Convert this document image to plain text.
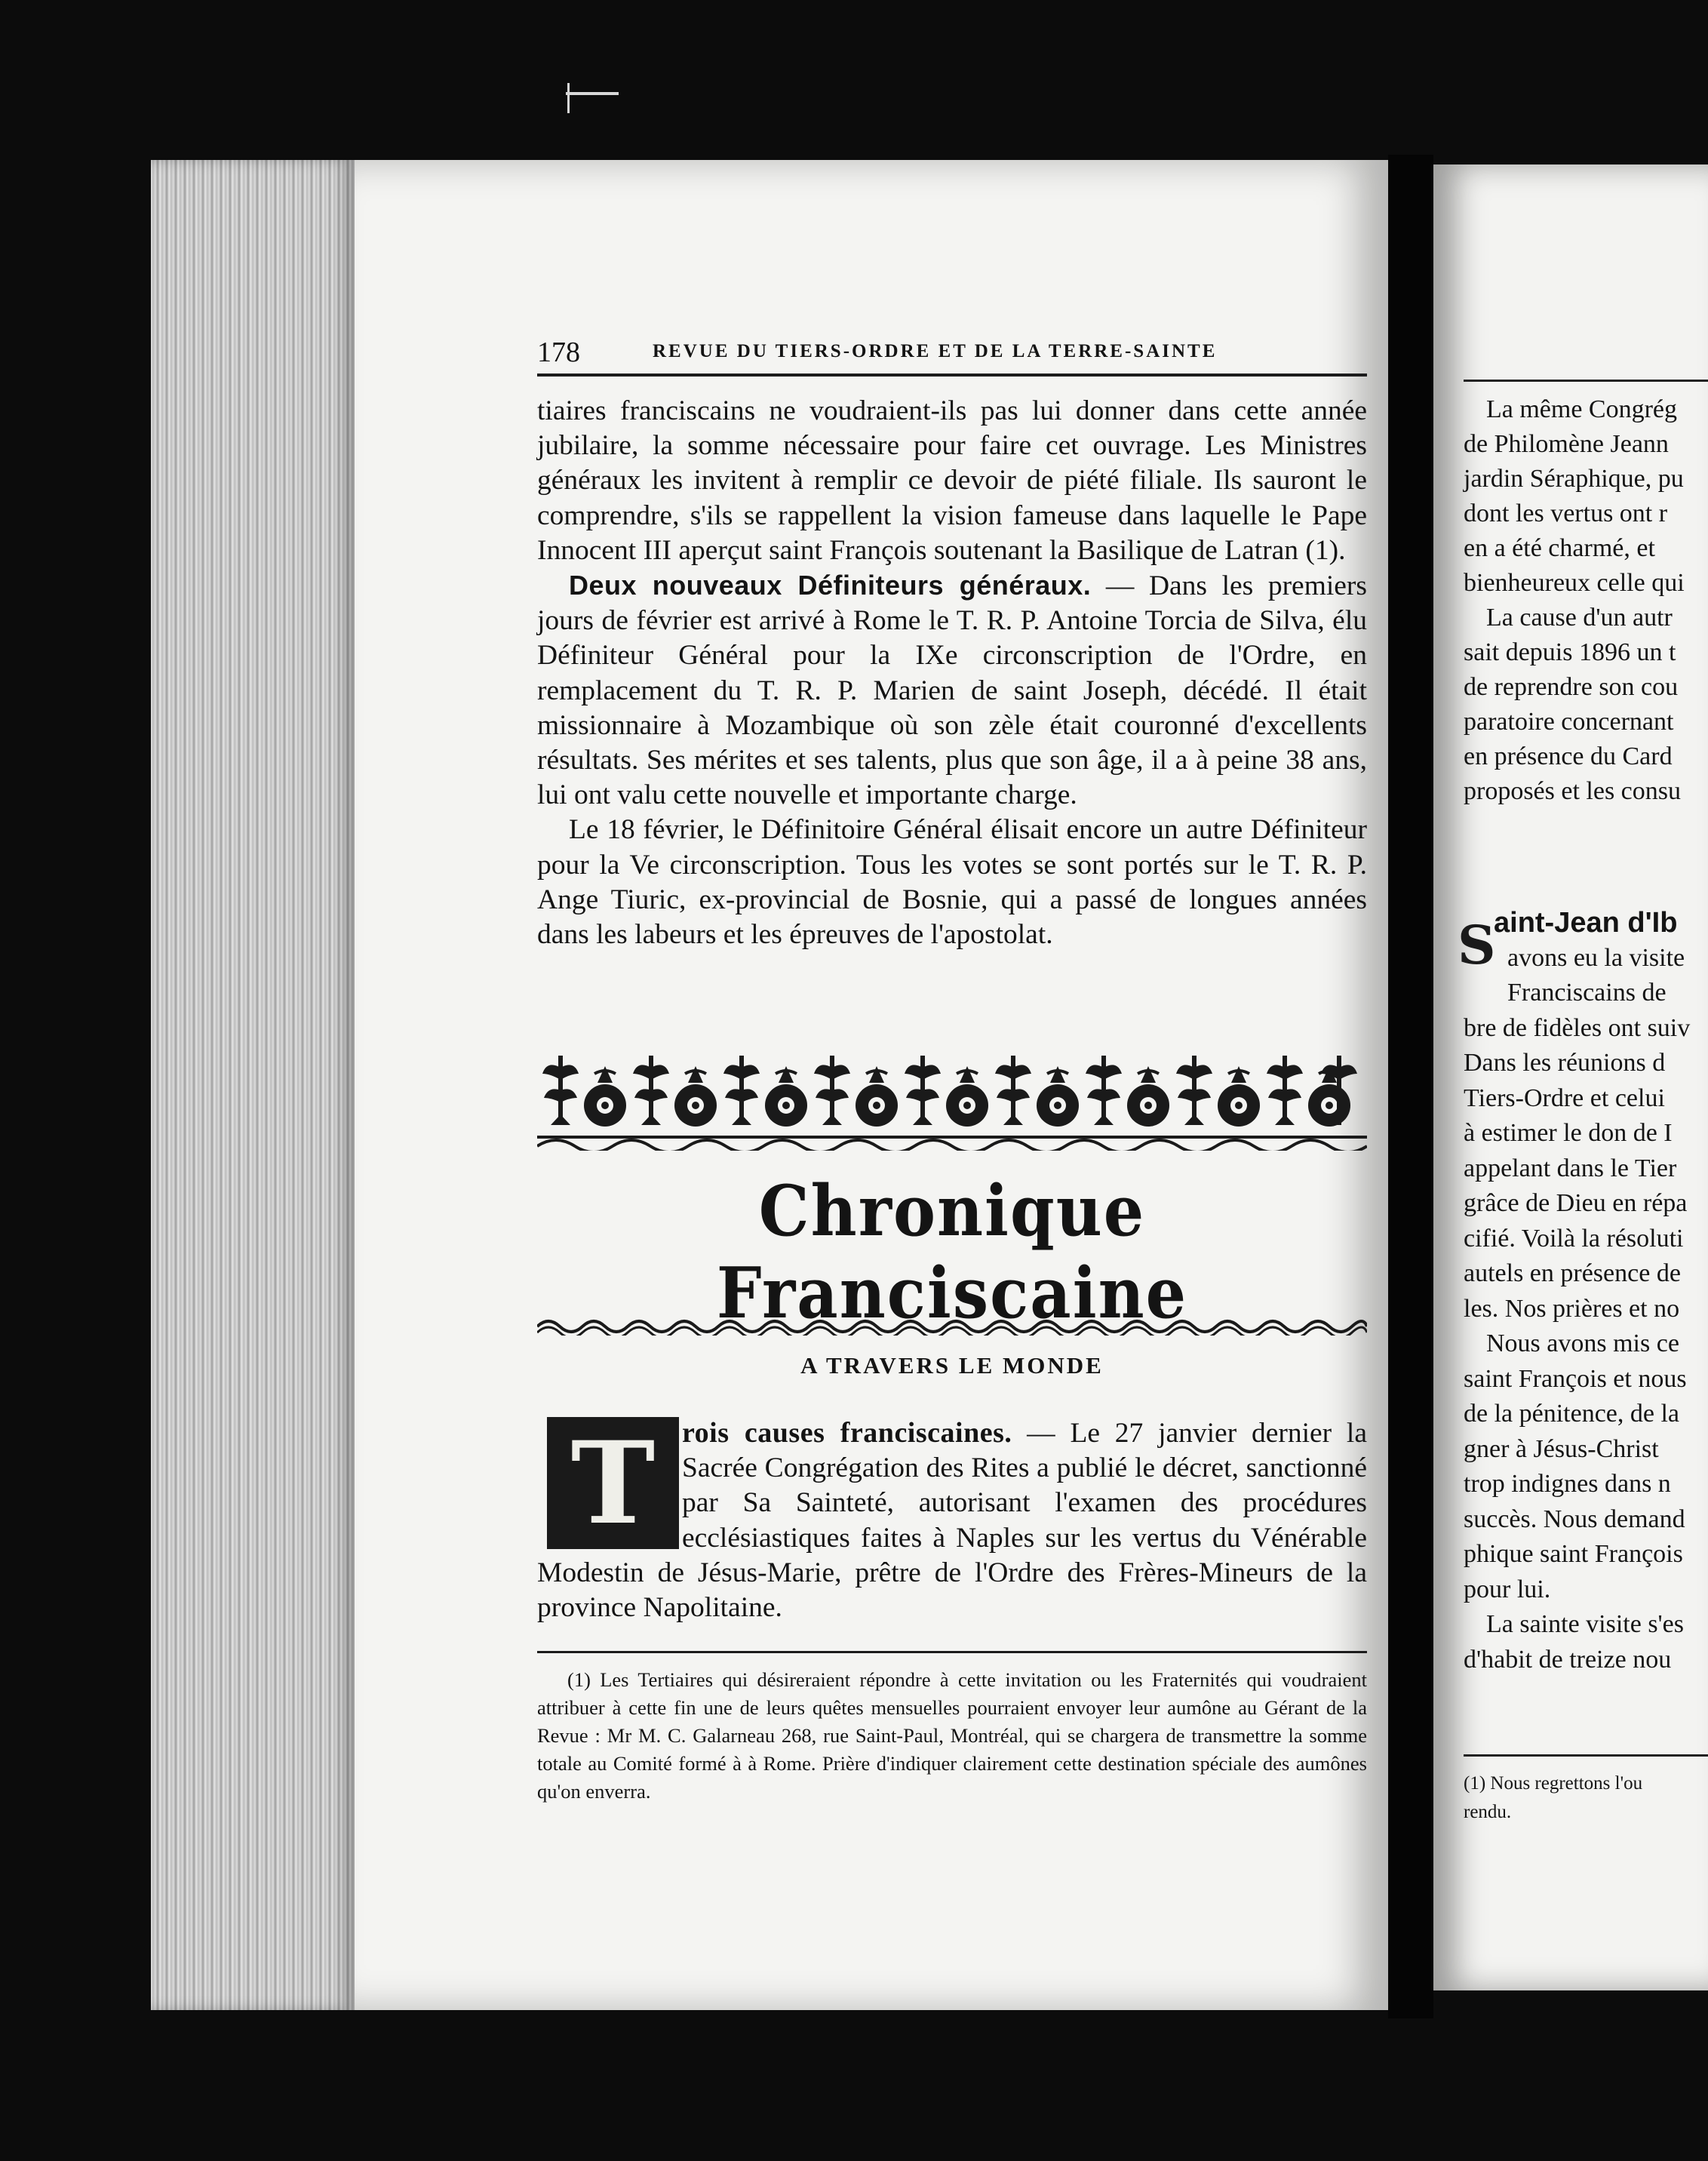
178	REVUE DU TIERS-ORDRE ET DE LA TERRE-SAINTE

tiaires franciscains ne voudraient-ils pas lui donner dans cette année jubilaire, la somme nécessaire pour faire cet ouvrage. Les Ministres généraux les invitent à remplir ce devoir de piété filiale. Ils sauront le comprendre, s'ils se rappellent la vision fameuse dans laquelle le Pape Innocent III aperçut saint François soutenant la Basilique de Latran (1).

Deux nouveaux Définiteurs généraux. — Dans les premiers jours de février est arrivé à Rome le T. R. P. Antoine Torcia de Silva, élu Définiteur Général pour la IXe circonscription de l'Ordre, en remplacement du T. R. P. Marien de saint Joseph, décédé. Il était missionnaire à Mozambique où son zèle était couronné d'excellents résultats. Ses mérites et ses talents, plus que son âge, il a à peine 38 ans, lui ont valu cette nouvelle et importante charge.

Le 18 février, le Définitoire Général élisait encore un autre Définiteur pour la Ve circonscription. Tous les votes se sont portés sur le T. R. P. Ange Tiuric, ex-provincial de Bosnie, qui a passé de longues années dans les labeurs et les épreuves de l'apostolat.

Chronique Franciscaine
A TRAVERS LE MONDE
rois causes franciscaines. — Le 27 janvier dernier la Sacrée Congrégation des Rites a publié le décret, sanctionné par Sa Sainteté, autorisant l'examen des procédures ecclésiastiques faites à Naples sur les vertus du Vénérable Modestin de Jésus-Marie, prêtre de l'Ordre des Frères-Mineurs de la province Napolitaine.
T
(1) Les Tertiaires qui désireraient répondre à cette invitation ou les Fraternités qui voudraient attribuer à cette fin une de leurs quêtes mensuelles pourraient envoyer leur aumône au Gérant de la Revue : Mr M. C. Galarneau 268, rue Saint-Paul, Montréal, qui se chargera de transmettre la somme totale au Comité formé à à Rome. Prière d'indiquer clairement cette destination spéciale des aumônes qu'on enverra.
La même Congrég
de Philomène Jeann
jardin Séraphique, pu
dont les vertus ont r
en a été charmé, et
bienheureux celle qui
La cause d'un autr
sait depuis 1896 un t
de reprendre son cou
paratoire concernant
en présence du Card
proposés et les consu
S
aint-Jean d'Ib
avons eu la visite
Franciscains de
bre de fidèles ont suiv
Dans les réunions d
Tiers-Ordre et celui
à estimer le don de I
appelant dans le Tier
grâce de Dieu en répa
cifié. Voilà la résoluti
autels en présence de
les. Nos prières et no
Nous avons mis ce
saint François et nous
de la pénitence, de la
gner à Jésus-Christ
trop indignes dans n
succès. Nous demand
phique saint François
pour lui.
La sainte visite s'es
d'habit de treize nou
(1) Nous regrettons l'ou
rendu.
